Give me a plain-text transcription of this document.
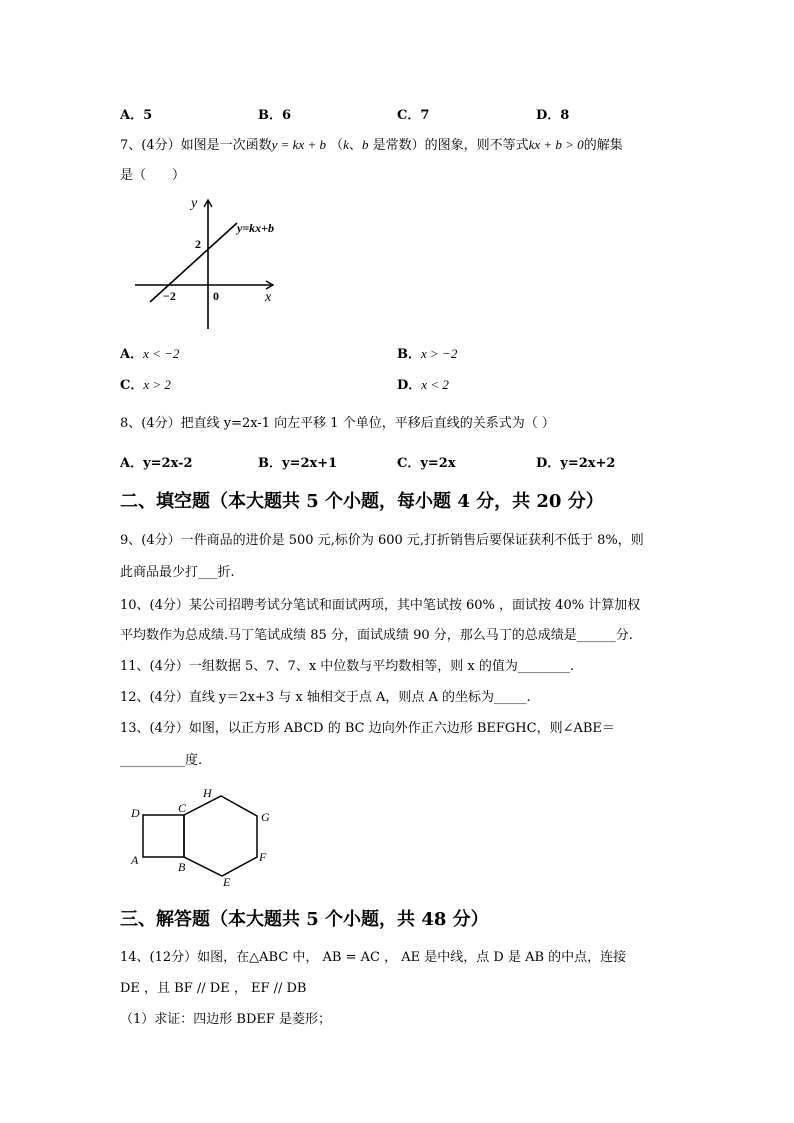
A．5	B．6	C．7	D．8
7、(4分）如图是一次函数y = kx + b （k、b 是常数）的图象，则不等式kx + b > 0的解集
是（　　）
y
x
y=kx+b
2
−2	0
A．x < −2	B．x > −2
C．x > 2	D．x < 2
8、(4分）把直线 y=2x-1 向左平移 1 个单位，平移后直线的关系式为（ ）
A．y=2x-2	B．y=2x+1	C．y=2x	D．y=2x+2
二、填空题（本大题共 5 个小题，每小题 4 分，共 20 分）
9、(4分）一件商品的进价是 500 元,标价为 600 元,打折销售后要保证获利不低于 8%，则
此商品最少打___折.
10、(4分）某公司招聘考试分笔试和面试两项，其中笔试按 60% ，面试按 40% 计算加权
平均数作为总成绩.马丁笔试成绩 85 分，面试成绩 90 分，那么马丁的总成绩是______分.
11、(4分）一组数据 5、7、7、x 中位数与平均数相等，则 x 的值为________.
12、(4分）直线 y＝2x+3 与 x 轴相交于点 A，则点 A 的坐标为_____.
13、(4分）如图，以正方形 ABCD 的 BC 边向外作正六边形 BEFGHC，则∠ABE＝
__________度.
D	C
H
G
A	B
F
E
三、解答题（本大题共 5 个小题，共 48 分）
14、(12分）如图，在△ABC 中， AB = AC ， AE 是中线，点 D 是 AB 的中点，连接
DE ，且 BF // DE ， EF // DB
（1）求证：四边形 BDEF 是菱形；
